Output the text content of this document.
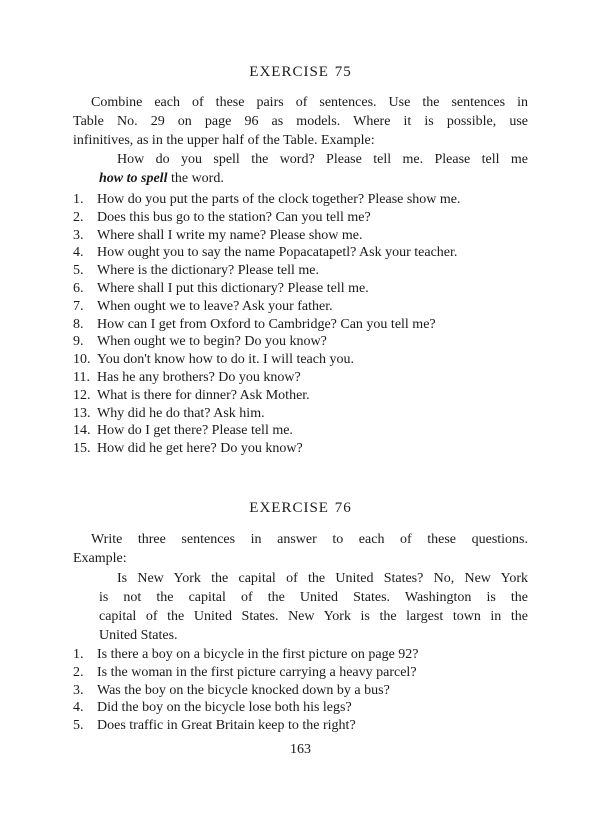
EXERCISE 75
Combine each of these pairs of sentences. Use the sentences in
Table No. 29 on page 96 as models. Where it is possible, use
infinitives, as in the upper half of the Table. Example:
How do you spell the word? Please tell me. Please tell me
how to spell the word.
1. How do you put the parts of the clock together? Please show me.
2. Does this bus go to the station? Can you tell me?
3. Where shall I write my name? Please show me.
4. How ought you to say the name Popacatapetl? Ask your teacher.
5. Where is the dictionary? Please tell me.
6. Where shall I put this dictionary? Please tell me.
7. When ought we to leave? Ask your father.
8. How can I get from Oxford to Cambridge? Can you tell me?
9. When ought we to begin? Do you know?
10. You don't know how to do it. I will teach you.
11. Has he any brothers? Do you know?
12. What is there for dinner? Ask Mother.
13. Why did he do that? Ask him.
14. How do I get there? Please tell me.
15. How did he get here? Do you know?
EXERCISE 76
Write three sentences in answer to each of these questions.
Example:
Is New York the capital of the United States? No, New York
is not the capital of the United States. Washington is the
capital of the United States. New York is the largest town in the
United States.
1. Is there a boy on a bicycle in the first picture on page 92?
2. Is the woman in the first picture carrying a heavy parcel?
3. Was the boy on the bicycle knocked down by a bus?
4. Did the boy on the bicycle lose both his legs?
5. Does traffic in Great Britain keep to the right?

163
